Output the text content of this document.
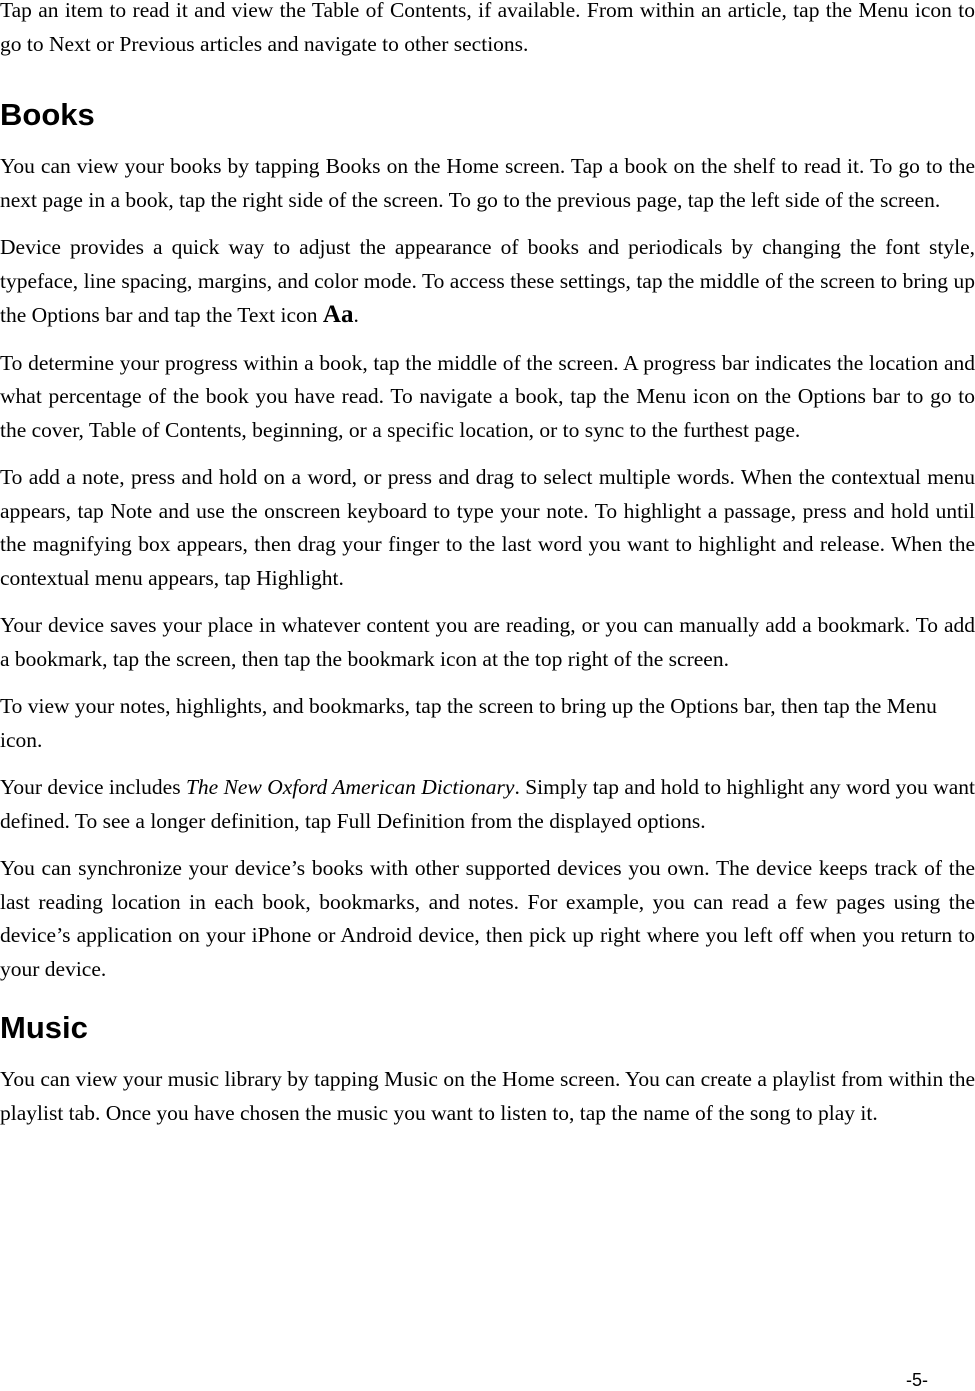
Tap an item to read it and view the Table of Contents, if available. From within an article, tap the Menu icon to go to Next or Previous articles and navigate to other sections.

Books

You can view your books by tapping Books on the Home screen. Tap a book on the shelf to read it. To go to the next page in a book, tap the right side of the screen. To go to the previous page, tap the left side of the screen.

Device provides a quick way to adjust the appearance of books and periodicals by changing the font style, typeface, line spacing, margins, and color mode. To access these settings, tap the middle of the screen to bring up the Options bar and tap the Text icon Aa.

To determine your progress within a book, tap the middle of the screen. A progress bar indicates the location and what percentage of the book you have read. To navigate a book, tap the Menu icon on the Options bar to go to the cover, Table of Contents, beginning, or a specific location, or to sync to the furthest page.

To add a note, press and hold on a word, or press and drag to select multiple words. When the contextual menu appears, tap Note and use the onscreen keyboard to type your note. To highlight a passage, press and hold until the magnifying box appears, then drag your finger to the last word you want to highlight and release. When the contextual menu appears, tap Highlight.

Your device saves your place in whatever content you are reading, or you can manually add a bookmark. To add a bookmark, tap the screen, then tap the bookmark icon at the top right of the screen.

To view your notes, highlights, and bookmarks, tap the screen to bring up the Options bar, then tap the Menu icon.

Your device includes The New Oxford American Dictionary. Simply tap and hold to highlight any word you want defined. To see a longer definition, tap Full Definition from the displayed options.

You can synchronize your device’s books with other supported devices you own. The device keeps track of the last reading location in each book, bookmarks, and notes. For example, you can read a few pages using the device’s application on your iPhone or Android device, then pick up right where you left off when you return to your device.

Music

You can view your music library by tapping Music on the Home screen. You can create a playlist from within the playlist tab. Once you have chosen the music you want to listen to, tap the name of the song to play it.

-5-
